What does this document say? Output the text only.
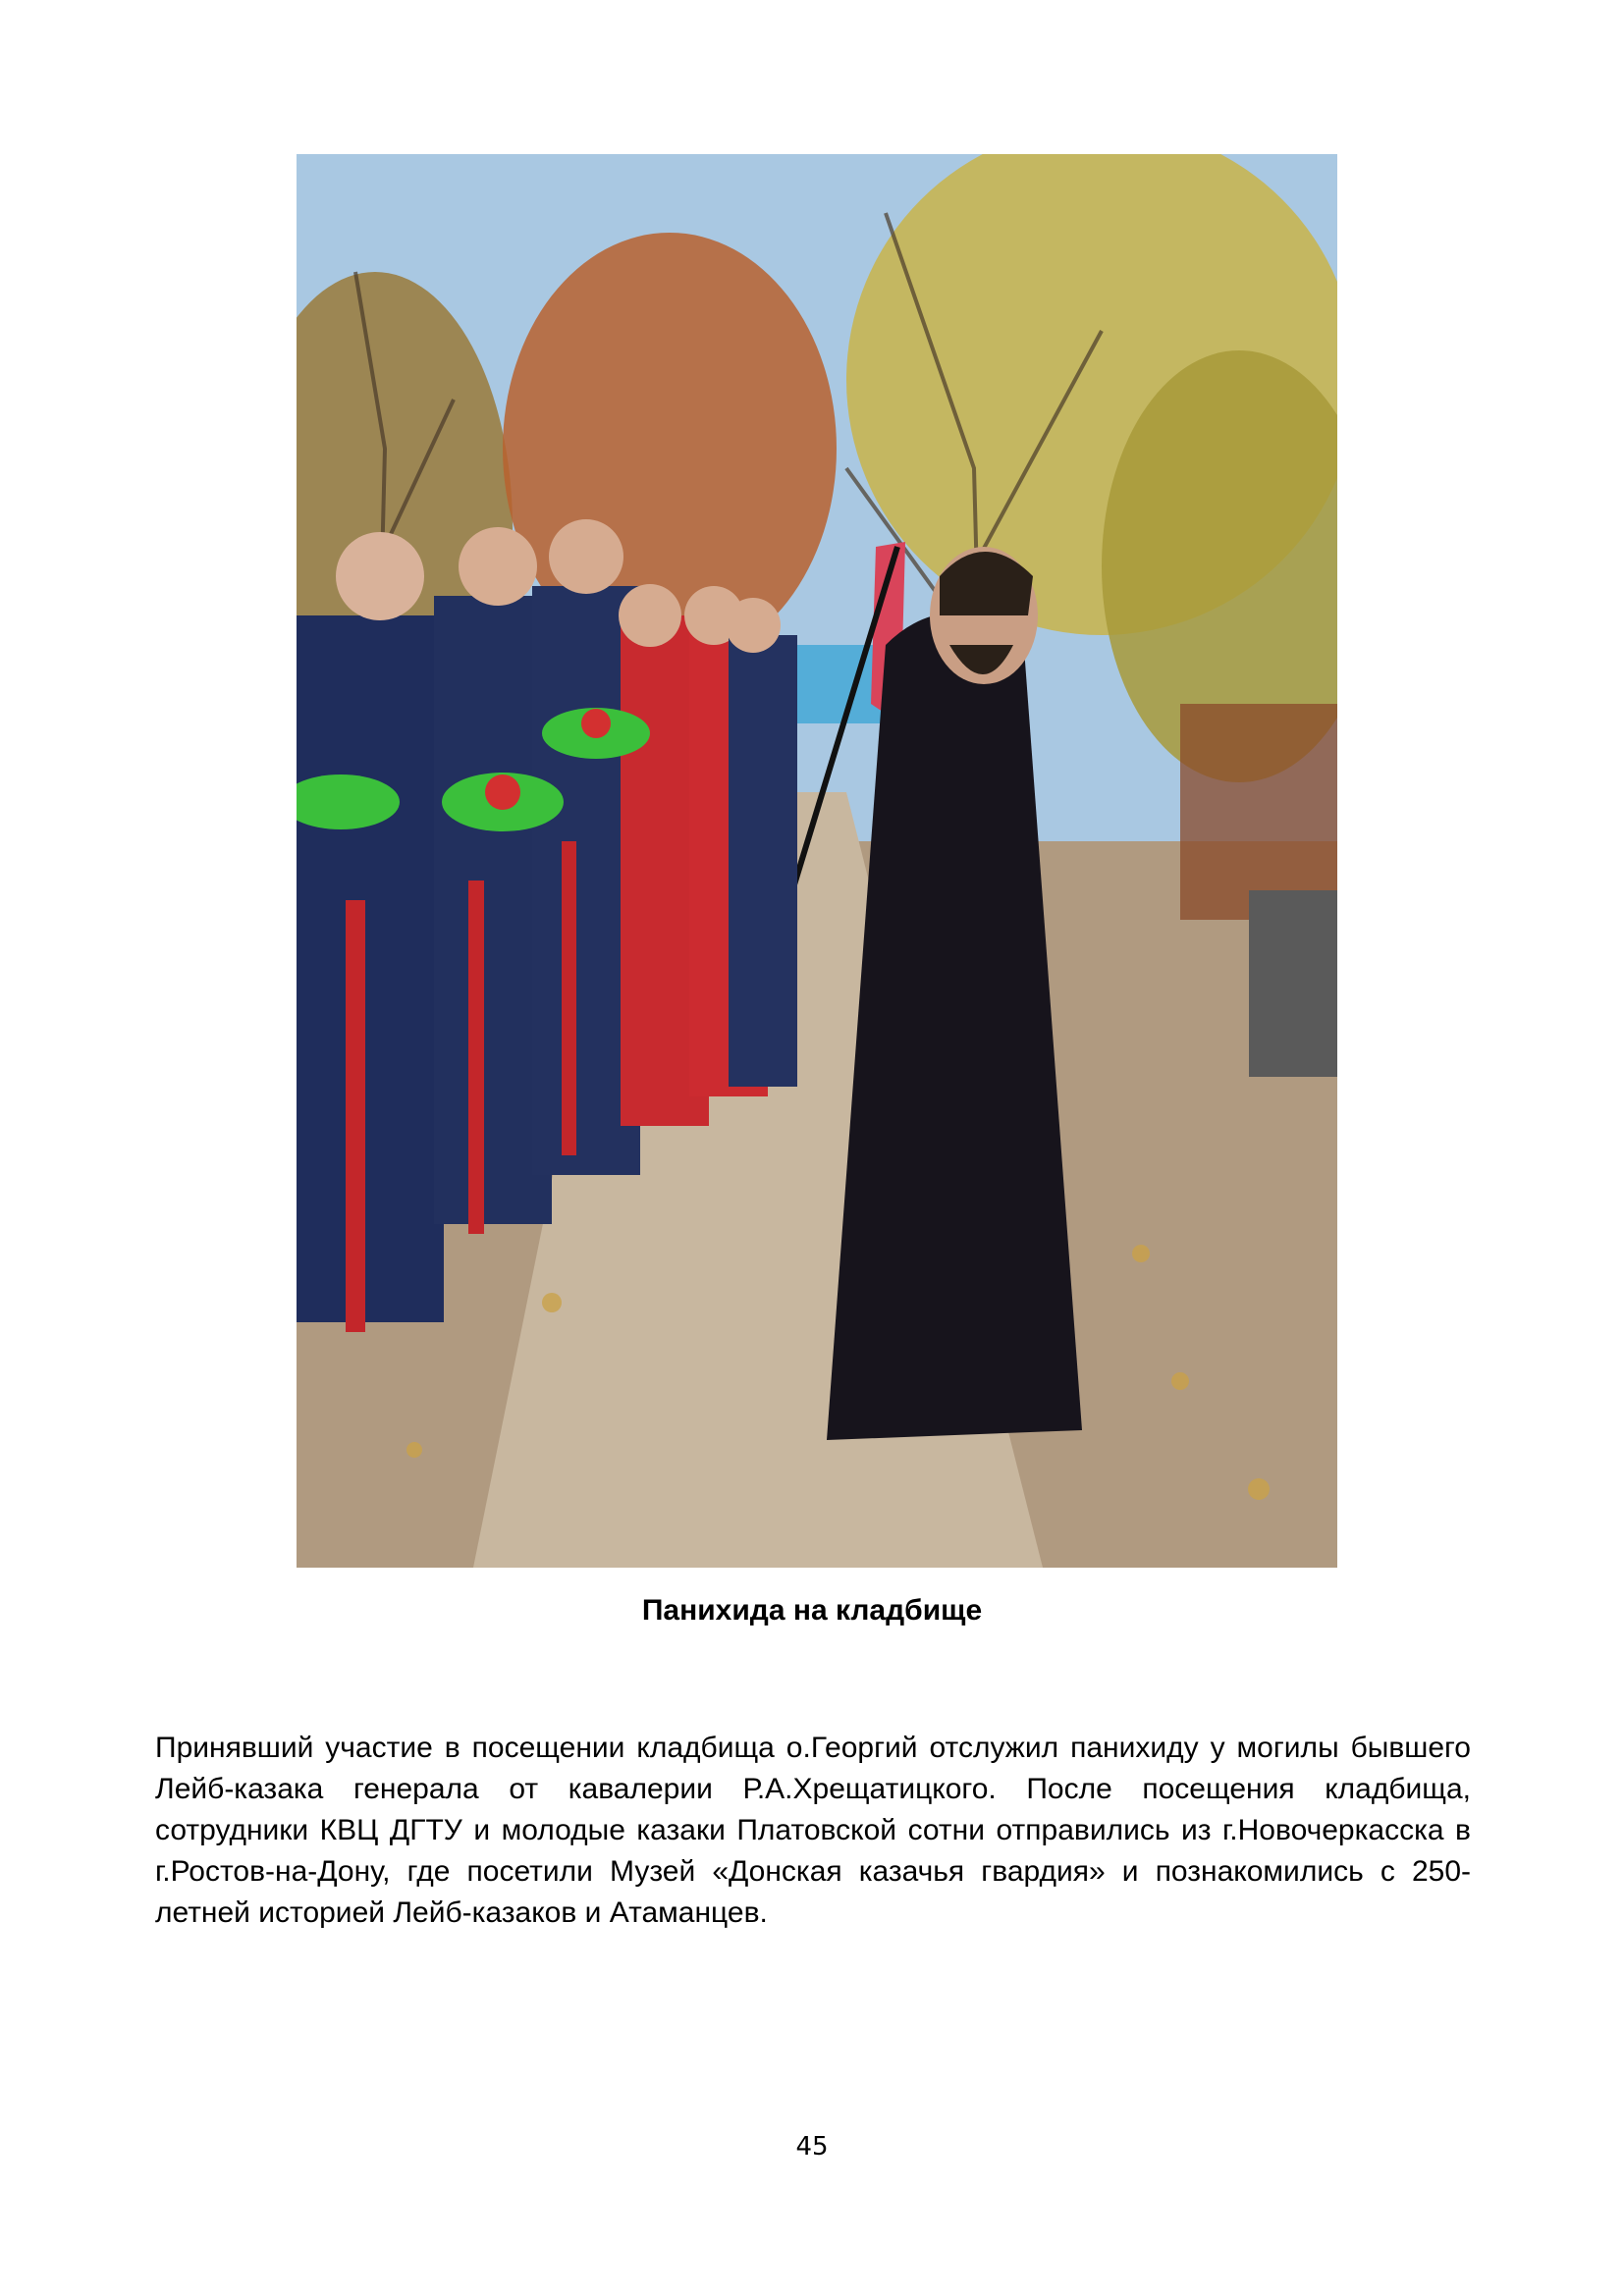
Панихида на кладбище

Принявший участие в посещении кладбища о.Георгий отслужил панихиду у могилы бывшего Лейб-казака генерала от кавалерии Р.А.Хрещатицкого. После посещения кладбища, сотрудники КВЦ ДГТУ и молодые казаки Платовской сотни отправились из г.Новочеркасска в г.Ростов-на-Дону, где посетили Музей «Донская казачья гвардия» и познакомились с 250-летней историей Лейб-казаков и Атаманцев.

45
